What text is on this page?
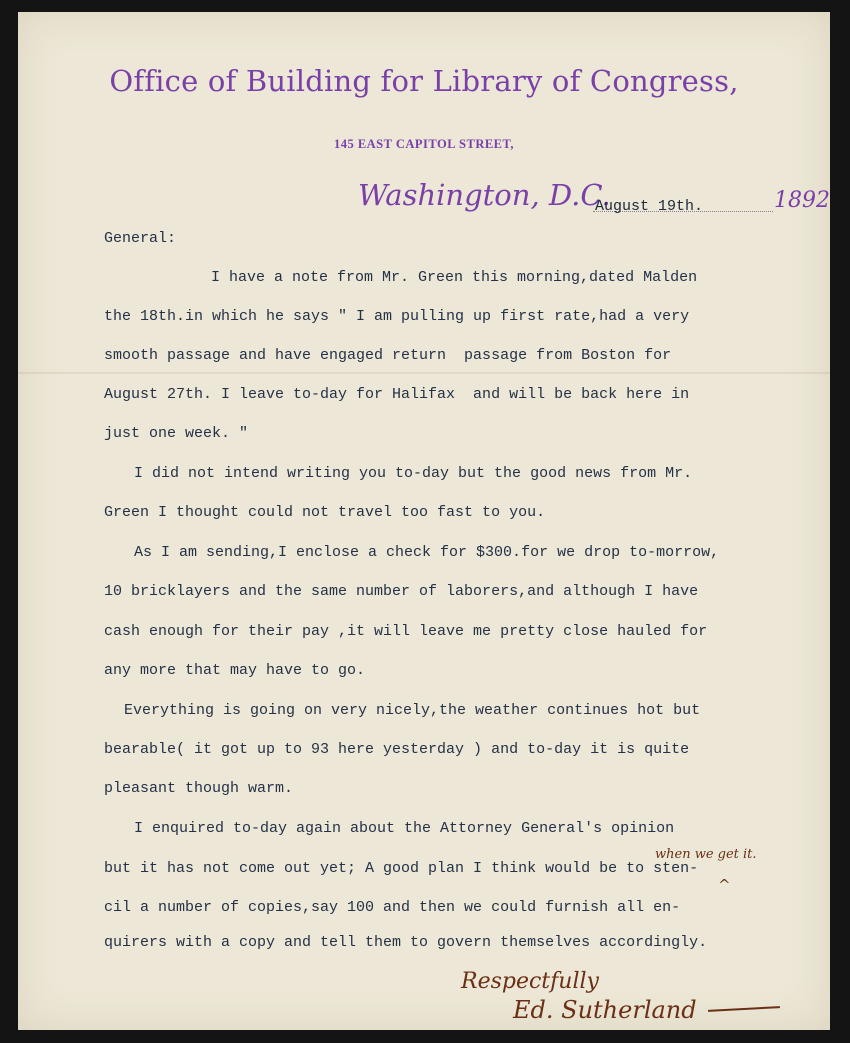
Office of Building for Library of Congress,
145 EAST CAPITOL STREET,
Washington, D.C.
August 19th.	1892
General:
I have a note from Mr. Green this morning,dated Malden
the 18th.in which he says " I am pulling up first rate,had a very
smooth passage and have engaged return  passage from Boston for
August 27th. I leave to-day for Halifax  and will be back here in
just one week. "
I did not intend writing you to-day but the good news from Mr.
Green I thought could not travel too fast to you.
As I am sending,I enclose a check for $300.for we drop to-morrow,
10 bricklayers and the same number of laborers,and although I have
cash enough for their pay ,it will leave me pretty close hauled for
any more that may have to go.
Everything is going on very nicely,the weather continues hot but
bearable( it got up to 93 here yesterday ) and to-day it is quite
pleasant though warm.
I enquired to-day again about the Attorney General's opinion
but it has not come out yet; A good plan I think would be to sten-
cil a number of copies,say 100 and then we could furnish all en-
quirers with a copy and tell them to govern themselves accordingly.
when we get it.
^
Respectfully
Ed. Sutherland
